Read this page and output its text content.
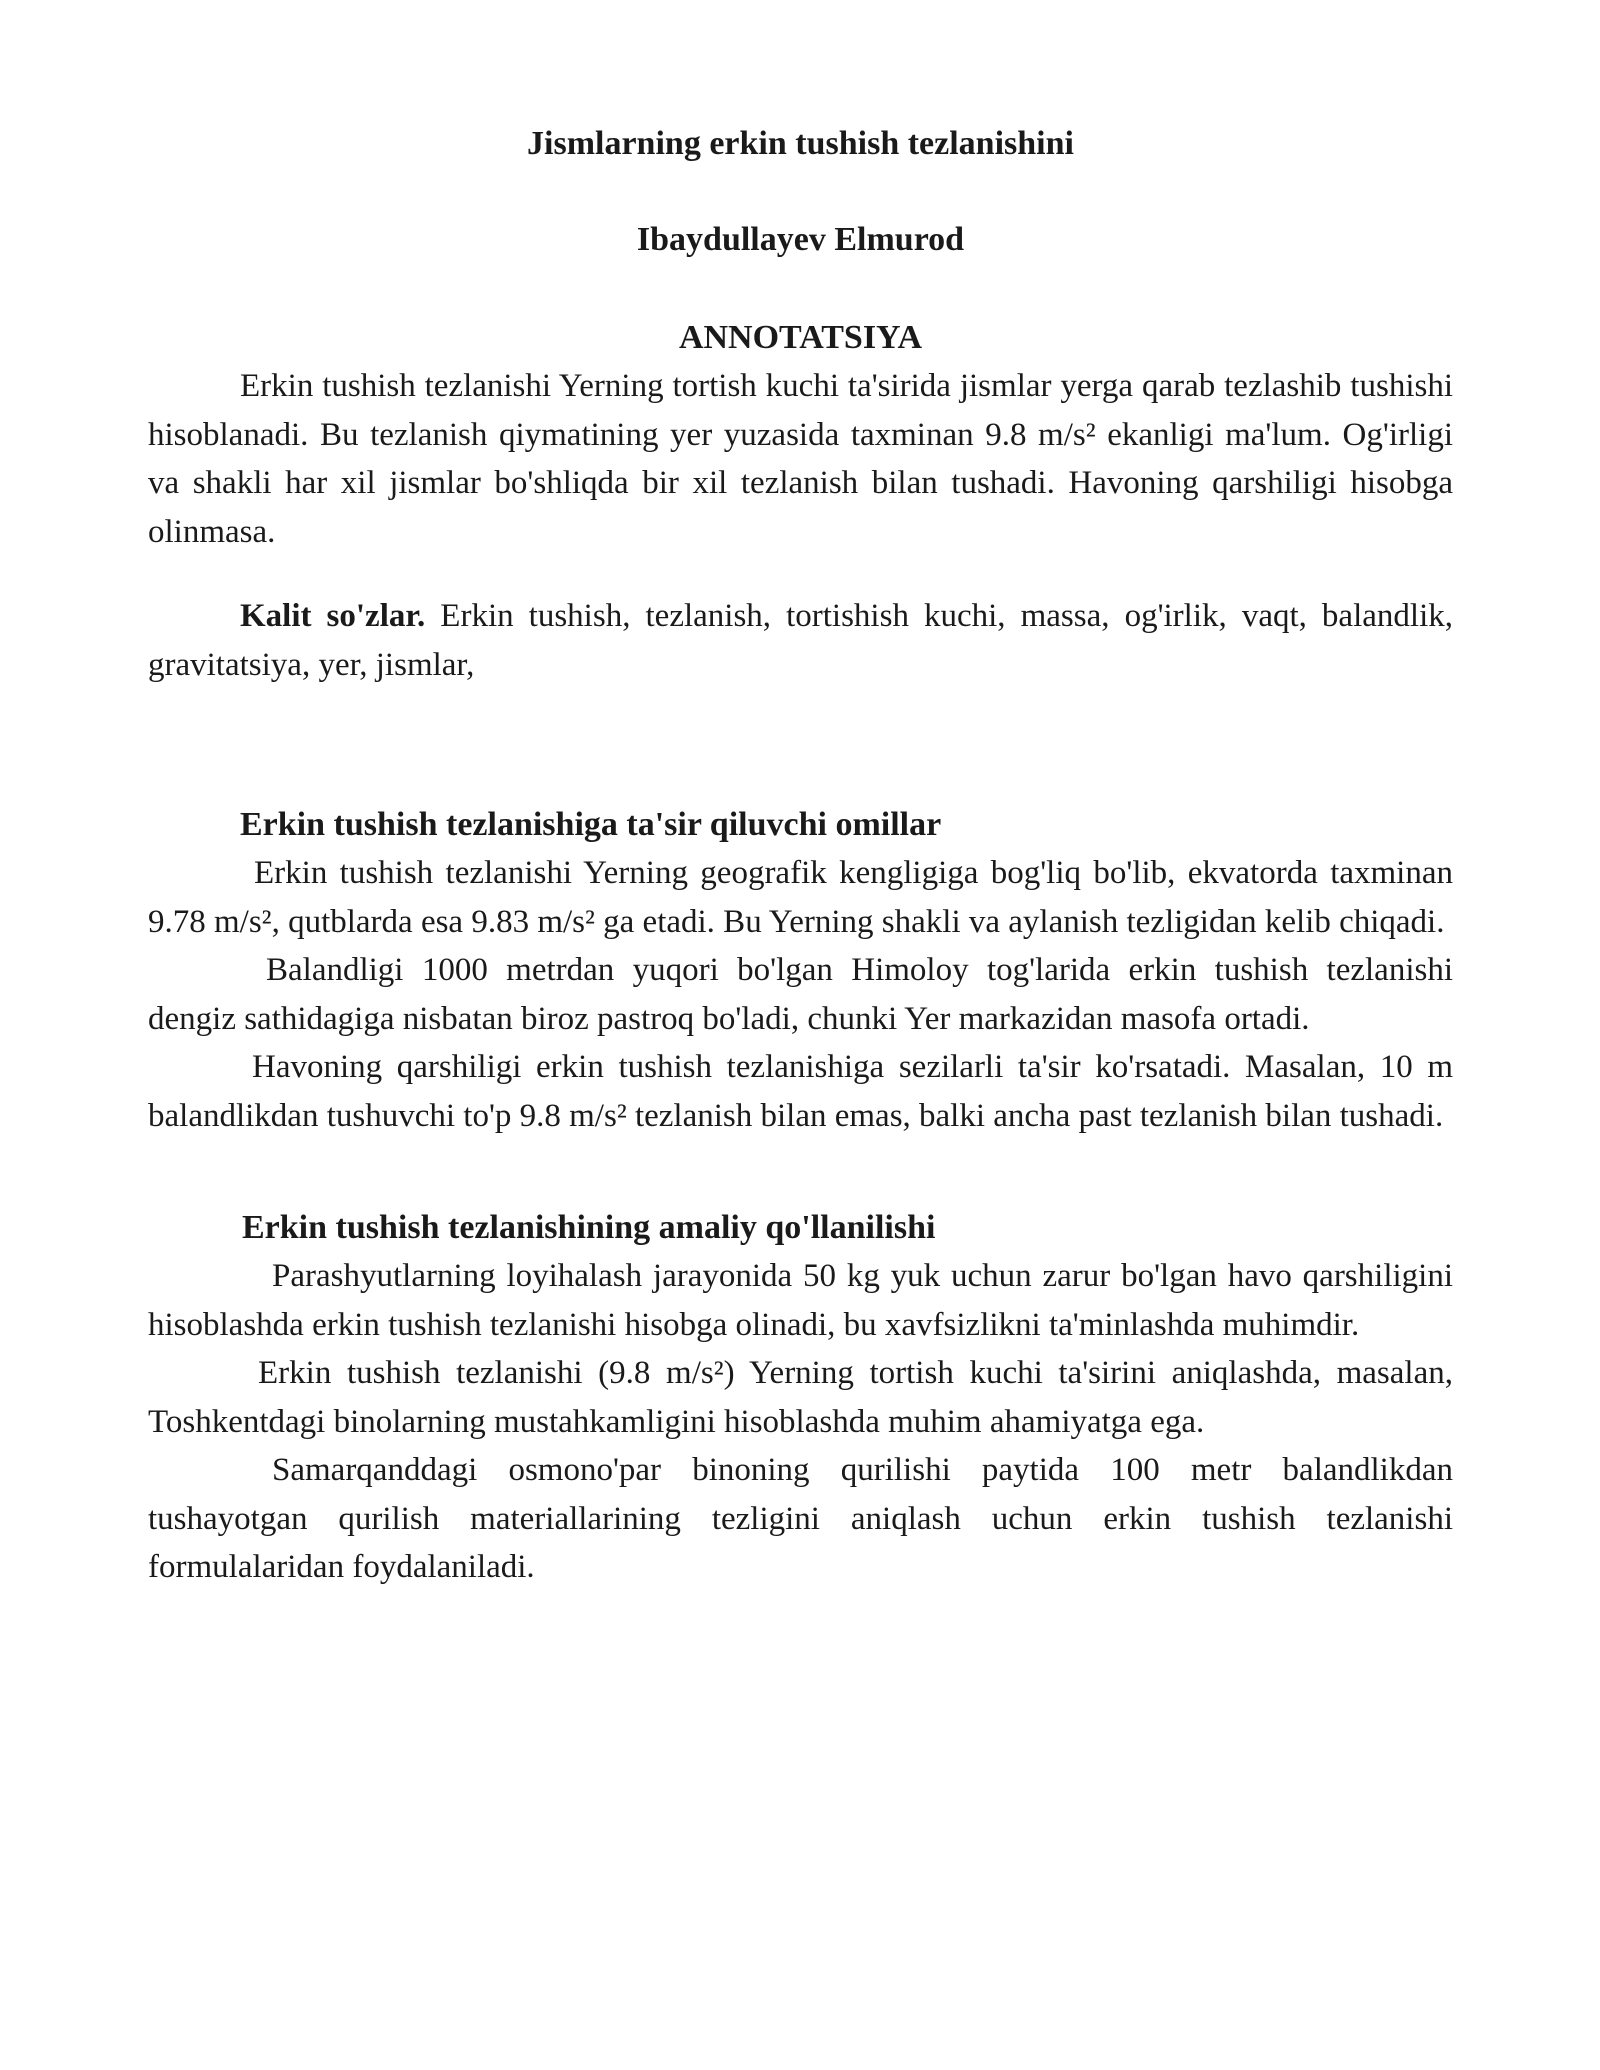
Jismlarning erkin tushish tezlanishini
Ibaydullayev Elmurod
ANNOTATSIYA

Erkin tushish tezlanishi Yerning tortish kuchi ta'sirida jismlar yerga qarab tezlashib tushishi hisoblanadi. Bu tezlanish qiymatining yer yuzasida taxminan 9.8 m/s² ekanligi ma'lum. Og'irligi va shakli har xil jismlar bo'shliqda bir xil tezlanish bilan tushadi. Havoning qarshiligi hisobga olinmasa.

Kalit so'zlar. Erkin tushish, tezlanish, tortishish kuchi, massa, og'irlik, vaqt, balandlik, gravitatsiya, yer, jismlar,

Erkin tushish tezlanishiga ta'sir qiluvchi omillar

Erkin tushish tezlanishi Yerning geografik kengligiga bog'liq bo'lib, ekvatorda taxminan 9.78 m/s², qutblarda esa 9.83 m/s² ga etadi. Bu Yerning shakli va aylanish tezligidan kelib chiqadi.

Balandligi 1000 metrdan yuqori bo'lgan Himoloy tog'larida erkin tushish tezlanishi dengiz sathidagiga nisbatan biroz pastroq bo'ladi, chunki Yer markazidan masofa ortadi.

Havoning qarshiligi erkin tushish tezlanishiga sezilarli ta'sir ko'rsatadi. Masalan, 10 m balandlikdan tushuvchi to'p 9.8 m/s² tezlanish bilan emas, balki ancha past tezlanish bilan tushadi.

Erkin tushish tezlanishining amaliy qo'llanilishi

Parashyutlarning loyihalash jarayonida 50 kg yuk uchun zarur bo'lgan havo qarshiligini hisoblashda erkin tushish tezlanishi hisobga olinadi, bu xavfsizlikni ta'minlashda muhimdir.

Erkin tushish tezlanishi (9.8 m/s²) Yerning tortish kuchi ta'sirini aniqlashda, masalan, Toshkentdagi binolarning mustahkamligini hisoblashda muhim ahamiyatga ega.

Samarqanddagi osmono'par binoning qurilishi paytida 100 metr balandlikdan tushayotgan qurilish materiallarining tezligini aniqlash uchun erkin tushish tezlanishi formulalaridan foydalaniladi.
